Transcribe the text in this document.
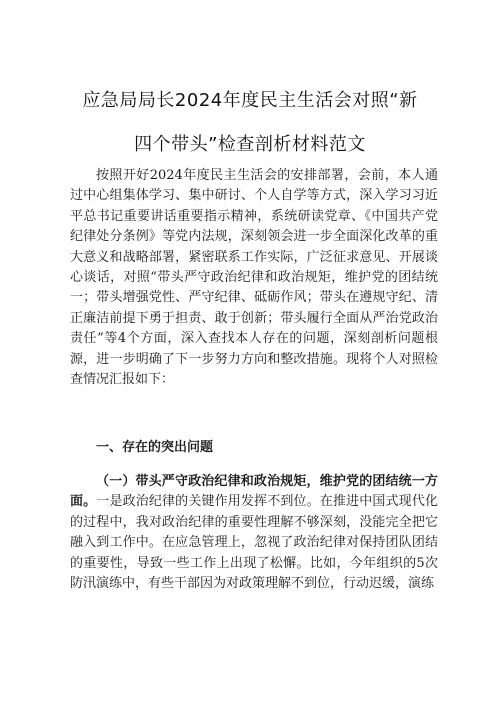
应急局局长2024年度民主生活会对照“新
四个带头”检查剖析材料范文

按照开好2024年度民主生活会的安排部署，会前，本人通过中心组集体学习、集中研讨、个人自学等方式，深入学习习近平总书记重要讲话重要指示精神，系统研读党章、《中国共产党纪律处分条例》等党内法规，深刻领会进一步全面深化改革的重大意义和战略部署，紧密联系工作实际，广泛征求意见、开展谈心谈话，对照“带头严守政治纪律和政治规矩，维护党的团结统一；带头增强党性、严守纪律、砥砺作风；带头在遵规守纪、清正廉洁前提下勇于担责、敢于创新；带头履行全面从严治党政治责任”等4个方面，深入查找本人存在的问题，深刻剖析问题根源，进一步明确了下一步努力方向和整改措施。现将个人对照检查情况汇报如下：

一、存在的突出问题

（一）带头严守政治纪律和政治规矩，维护党的团结统一方面。一是政治纪律的关键作用发挥不到位。在推进中国式现代化的过程中，我对政治纪律的重要性理解不够深刻，没能完全把它融入到工作中。在应急管理上，忽视了政治纪律对保持团队团结的重要性，导致一些工作上出现了松懈。比如，今年组织的5次防汛演练中，有些干部因为对政策理解不到位，行动迟缓，演练
